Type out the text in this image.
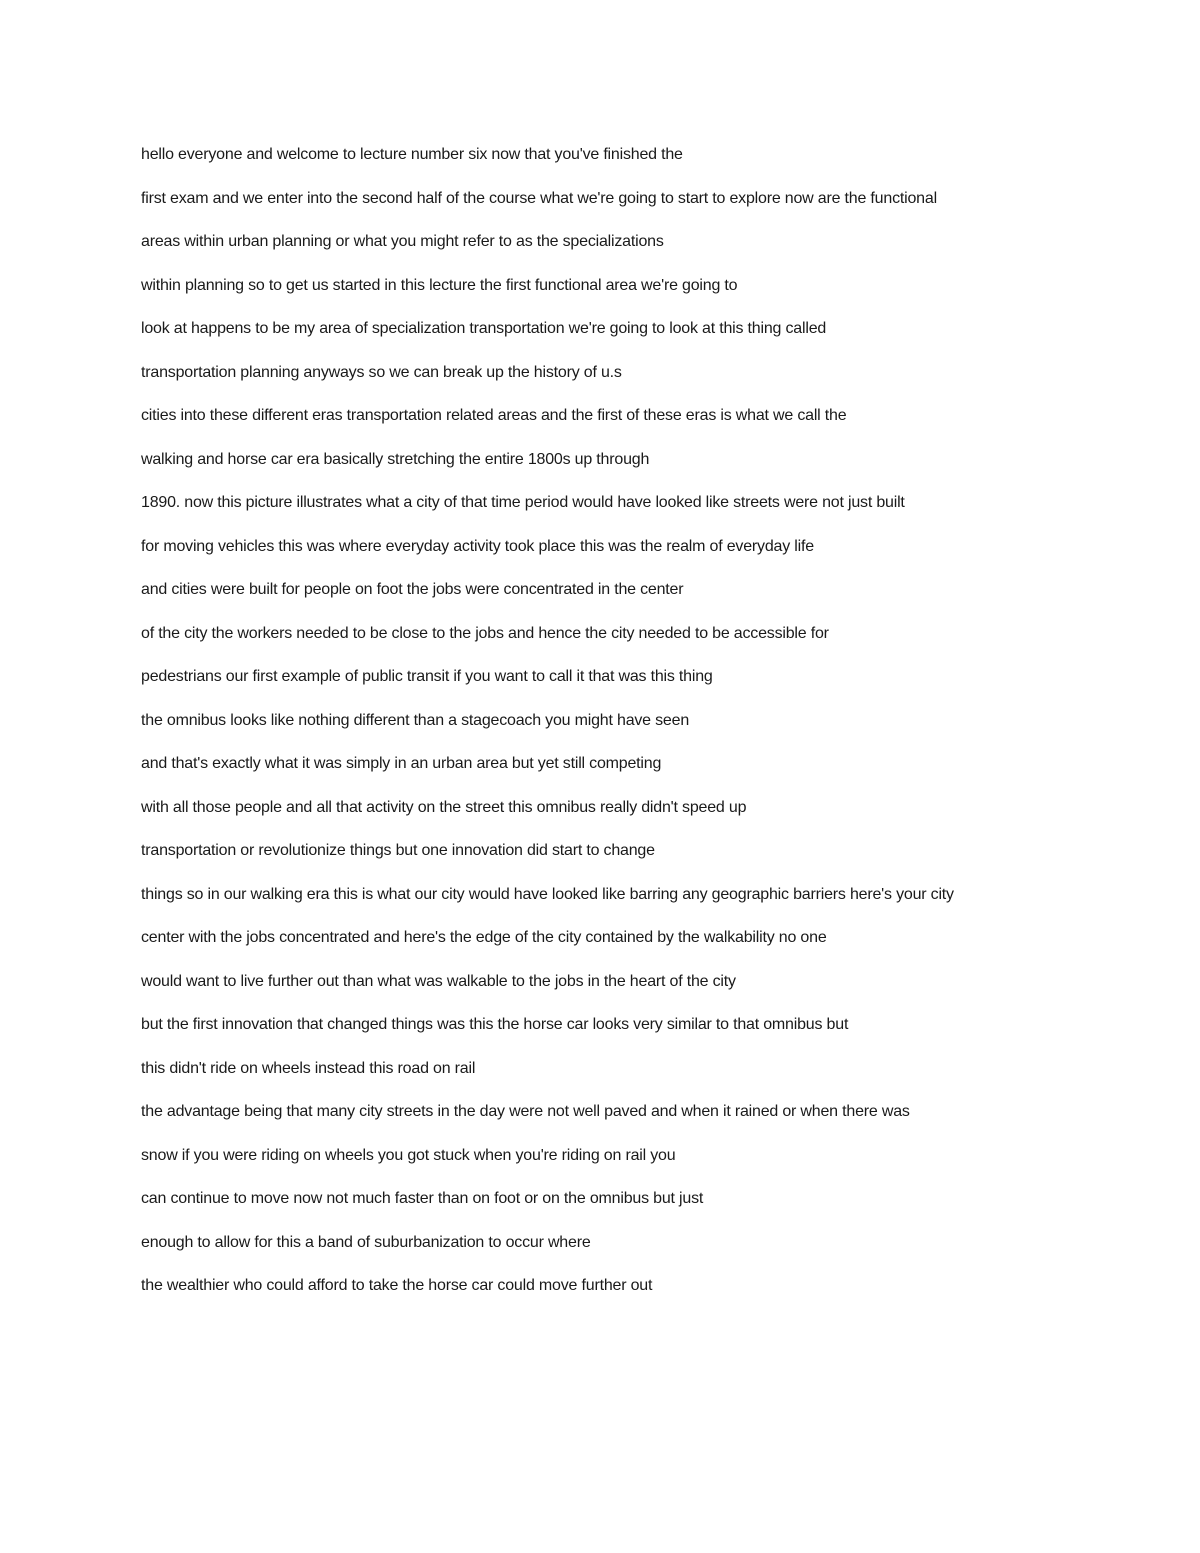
hello everyone and welcome to lecture number six now that you've finished the

first exam and we enter into the second half of the course what we're going to start to explore now are the functional

areas within urban planning or what you might refer to as the specializations

within planning so to get us started in this lecture the first functional area we're going to

look at happens to be my area of specialization transportation we're going to look at this thing called

transportation planning anyways so we can break up the history of u.s

cities into these different eras transportation related areas and the first of these eras is what we call the

walking and horse car era basically stretching the entire 1800s up through

1890. now this picture illustrates what a city of that time period would have looked like streets were not just built

for moving vehicles this was where everyday activity took place this was the realm of everyday life

and cities were built for people on foot the jobs were concentrated in the center

of the city the workers needed to be close to the jobs and hence the city needed to be accessible for

pedestrians our first example of public transit if you want to call it that was this thing

the omnibus looks like nothing different than a stagecoach you might have seen

and that's exactly what it was simply in an urban area but yet still competing

with all those people and all that activity on the street this omnibus really didn't speed up

transportation or revolutionize things but one innovation did start to change

things so in our walking era this is what our city would have looked like barring any geographic barriers here's your city

center with the jobs concentrated and here's the edge of the city contained by the walkability no one

would want to live further out than what was walkable to the jobs in the heart of the city

but the first innovation that changed things was this the horse car looks very similar to that omnibus but

this didn't ride on wheels instead this road on rail

the advantage being that many city streets in the day were not well paved and when it rained or when there was

snow if you were riding on wheels you got stuck when you're riding on rail you

can continue to move now not much faster than on foot or on the omnibus but just

enough to allow for this a band of suburbanization to occur where

the wealthier who could afford to take the horse car could move further out
